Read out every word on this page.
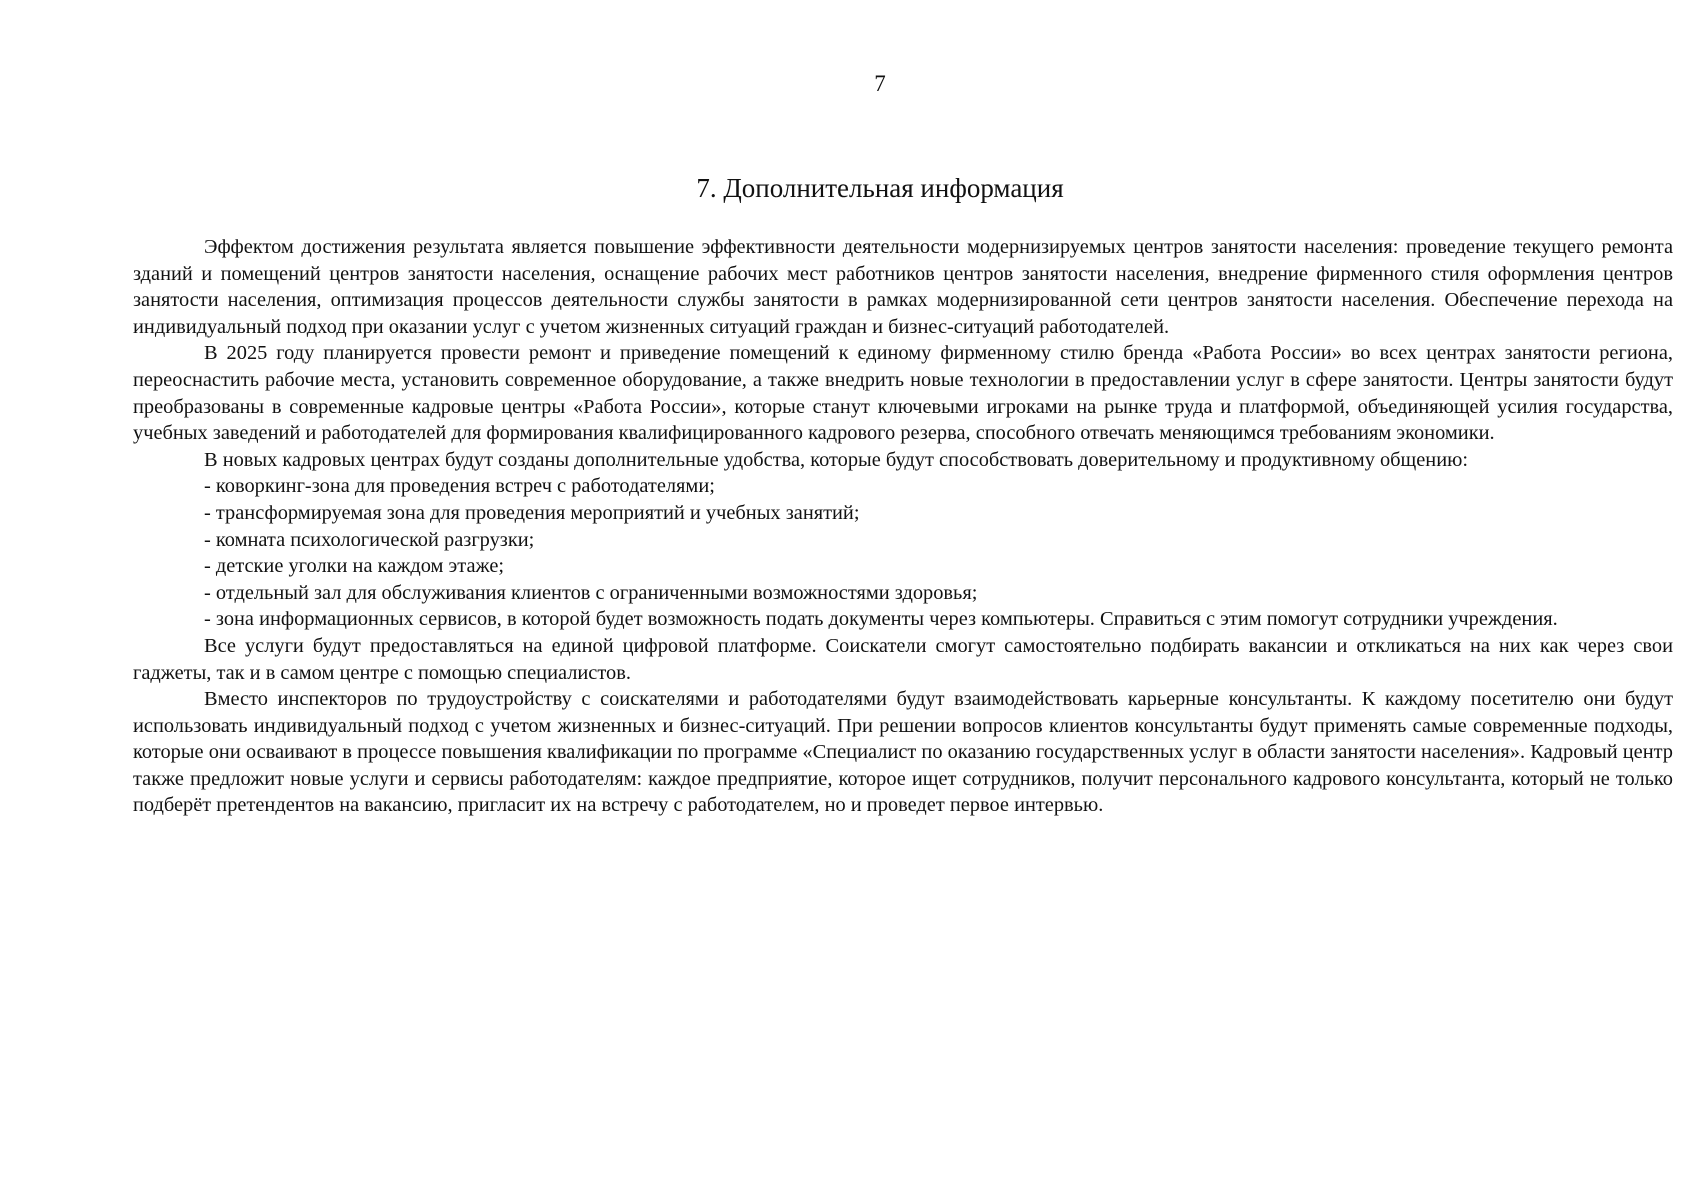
7
7. Дополнительная информация

Эффектом достижения результата является повышение эффективности деятельности модернизируемых центров занятости населения: проведение текущего ремонта зданий и помещений центров занятости населения, оснащение рабочих мест работников центров занятости населения, внедрение фирменного стиля оформления центров занятости населения, оптимизация процессов деятельности службы занятости в рамках модернизированной сети центров занятости населения. Обеспечение перехода на индивидуальный подход при оказании услуг с учетом жизненных ситуаций граждан и бизнес-ситуаций работодателей.

В 2025 году планируется провести ремонт и приведение помещений к единому фирменному стилю бренда «Работа России» во всех центрах занятости региона, переоснастить рабочие места, установить современное оборудование, а также внедрить новые технологии в предоставлении услуг в сфере занятости. Центры занятости будут преобразованы в современные кадровые центры «Работа России», которые станут ключевыми игроками на рынке труда и платформой, объединяющей усилия государства, учебных заведений и работодателей для формирования квалифицированного кадрового резерва, способного отвечать меняющимся требованиям экономики.

В новых кадровых центрах будут созданы дополнительные удобства, которые будут способствовать доверительному и продуктивному общению:

- коворкинг-зона для проведения встреч с работодателями;
- трансформируемая зона для проведения мероприятий и учебных занятий;
- комната психологической разгрузки;
- детские уголки на каждом этаже;
- отдельный зал для обслуживания клиентов с ограниченными возможностями здоровья;
- зона информационных сервисов, в которой будет возможность подать документы через компьютеры. Справиться с этим помогут сотрудники учреждения.

Все услуги будут предоставляться на единой цифровой платформе. Соискатели смогут самостоятельно подбирать вакансии и откликаться на них как через свои гаджеты, так и в самом центре с помощью специалистов.

Вместо инспекторов по трудоустройству с соискателями и работодателями будут взаимодействовать карьерные консультанты. К каждому посетителю они будут использовать индивидуальный подход с учетом жизненных и бизнес-ситуаций. При решении вопросов клиентов консультанты будут применять самые современные подходы, которые они осваивают в процессе повышения квалификации по программе «Специалист по оказанию государственных услуг в области занятости населения». Кадровый центр также предложит новые услуги и сервисы работодателям: каждое предприятие, которое ищет сотрудников, получит персонального кадрового консультанта, который не только подберёт претендентов на вакансию, пригласит их на встречу с работодателем, но и проведет первое интервью.
